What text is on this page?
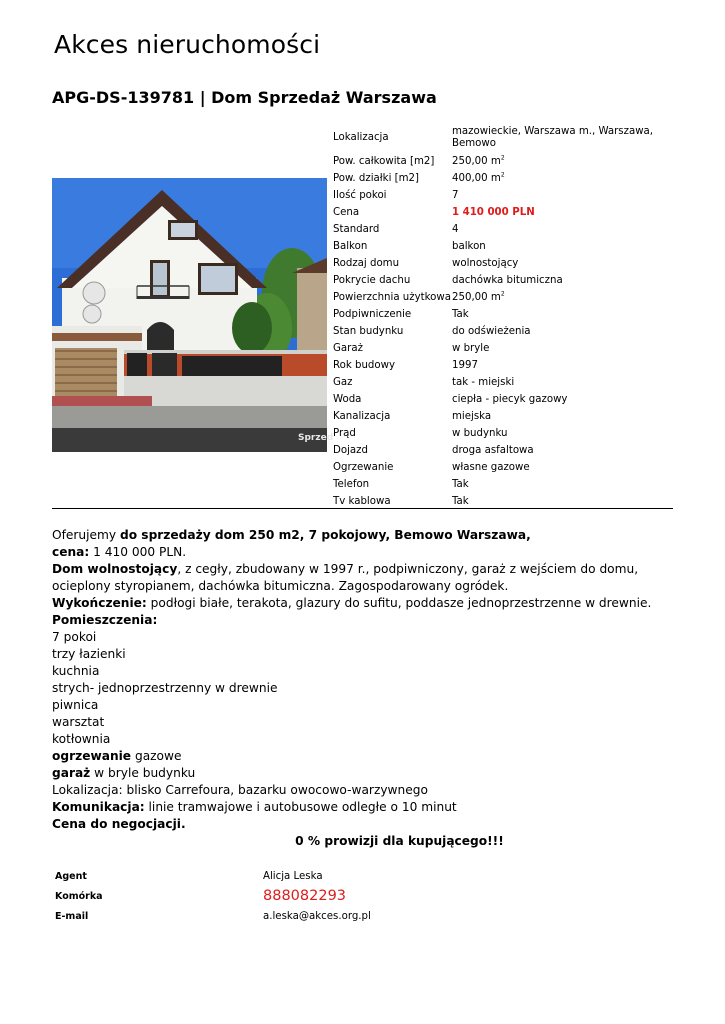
Akces nieruchomości
APG-DS-139781 | Dom Sprzedaż Warszawa
Sprzed
Lokalizacja	mazowieckie, Warszawa m., Warszawa, Bemowo
Pow. całkowita [m2]	250,00 $m^2$
Pow. działki [m2]	400,00 $m^2$
Ilość pokoi	7
Cena	1 410 000 PLN
Standard	4
Balkon	balkon
Rodzaj domu	wolnostojący
Pokrycie dachu	dachówka bitumiczna
Powierzchnia użytkowa	250,00 $m^2$
Podpiwniczenie	Tak
Stan budynku	do odświeżenia
Garaż	w bryle
Rok budowy	1997
Gaz	tak - miejski
Woda	ciepła - piecyk gazowy
Kanalizacja	miejska
Prąd	w budynku
Dojazd	droga asfaltowa
Ogrzewanie	własne gazowe
Telefon	Tak
Tv kablowa	Tak

Oferujemy do sprzedaży dom 250 m2, 7 pokojowy, Bemowo Warszawa,

cena: 1 410 000 PLN.

Dom wolnostojący, z cegły, zbudowany w 1997 r., podpiwniczony, garaż z wejściem do domu, ocieplony styropianem, dachówka bitumiczna. Zagospodarowany ogródek.

Wykończenie: podłogi białe, terakota, glazury do sufitu, poddasze jednoprzestrzenne w drewnie.

Pomieszczenia:

7 pokoi

trzy łazienki

kuchnia

strych- jednoprzestrzenny w drewnie

piwnica

warsztat

kotłownia

ogrzewanie gazowe

garaż w bryle budynku

Lokalizacja: blisko Carrefoura, bazarku owocowo-warzywnego

Komunikacja: linie tramwajowe i autobusowe odległe o 10 minut

Cena do negocjacji.

0 % prowizji dla kupującego!!!

Agent	Alicja Leska
Komórka	888082293
E-mail	a.leska@akces.org.pl
